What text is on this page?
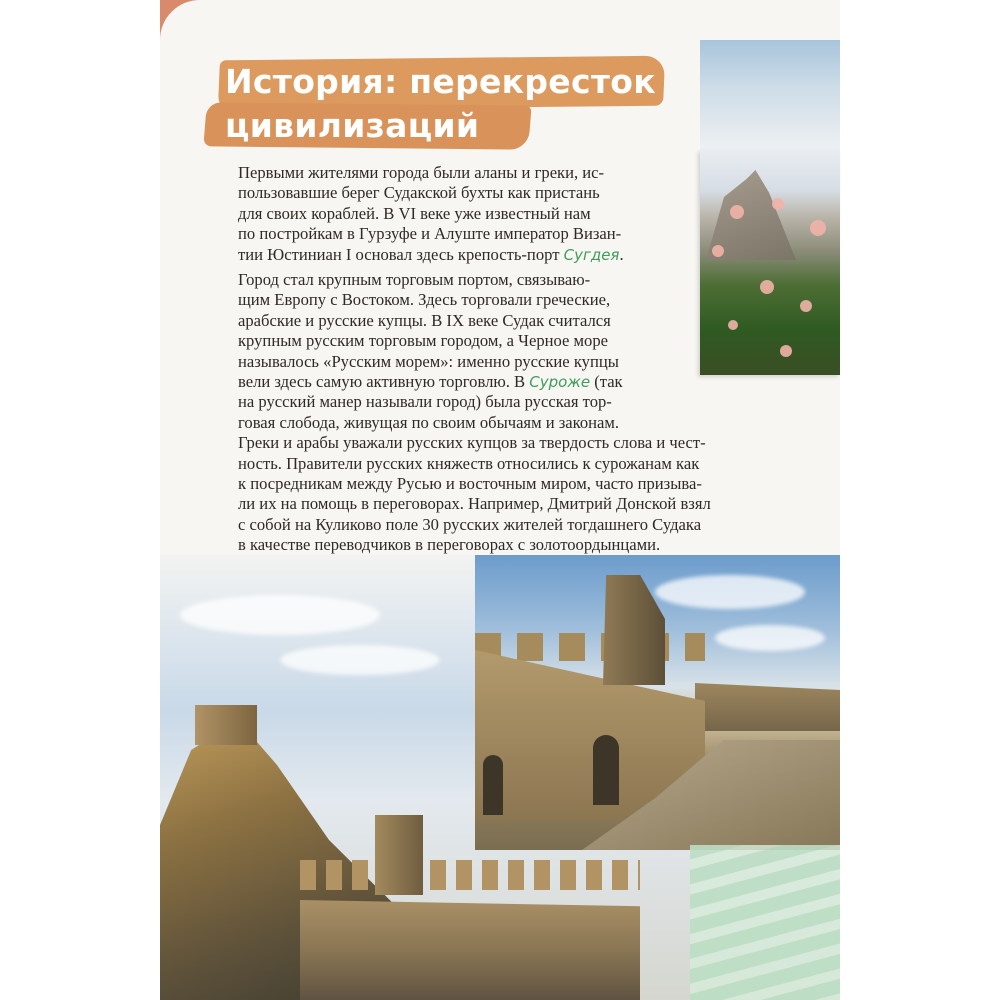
История: перекресток
цивилизаций
Первыми жителями города были аланы и греки, ис-
пользовавшие берег Судакской бухты как пристань
для своих кораблей. В VI веке уже известный нам
по постройкам в Гурзуфе и Алуште император Визан-
тии Юстиниан I основал здесь крепость-порт Сугдея.
Город стал крупным торговым портом, связываю-
щим Европу с Востоком. Здесь торговали греческие,
арабские и русские купцы. В IX веке Судак считался
крупным русским торговым городом, а Черное море
называлось «Русским морем»: именно русские купцы
вели здесь самую активную торговлю. В Суроже (так
на русский манер называли город) была русская тор-
говая слобода, живущая по своим обычаям и законам.
Греки и арабы уважали русских купцов за твердость слова и чест-
ность. Правители русских княжеств относились к сурожанам как
к посредникам между Русью и восточным миром, часто призыва-
ли их на помощь в переговорах. Например, Дмитрий Донской взял
с собой на Куликово поле 30 русских жителей тогдашнего Судака
в качестве переводчиков в переговорах с золотоордынцами.
